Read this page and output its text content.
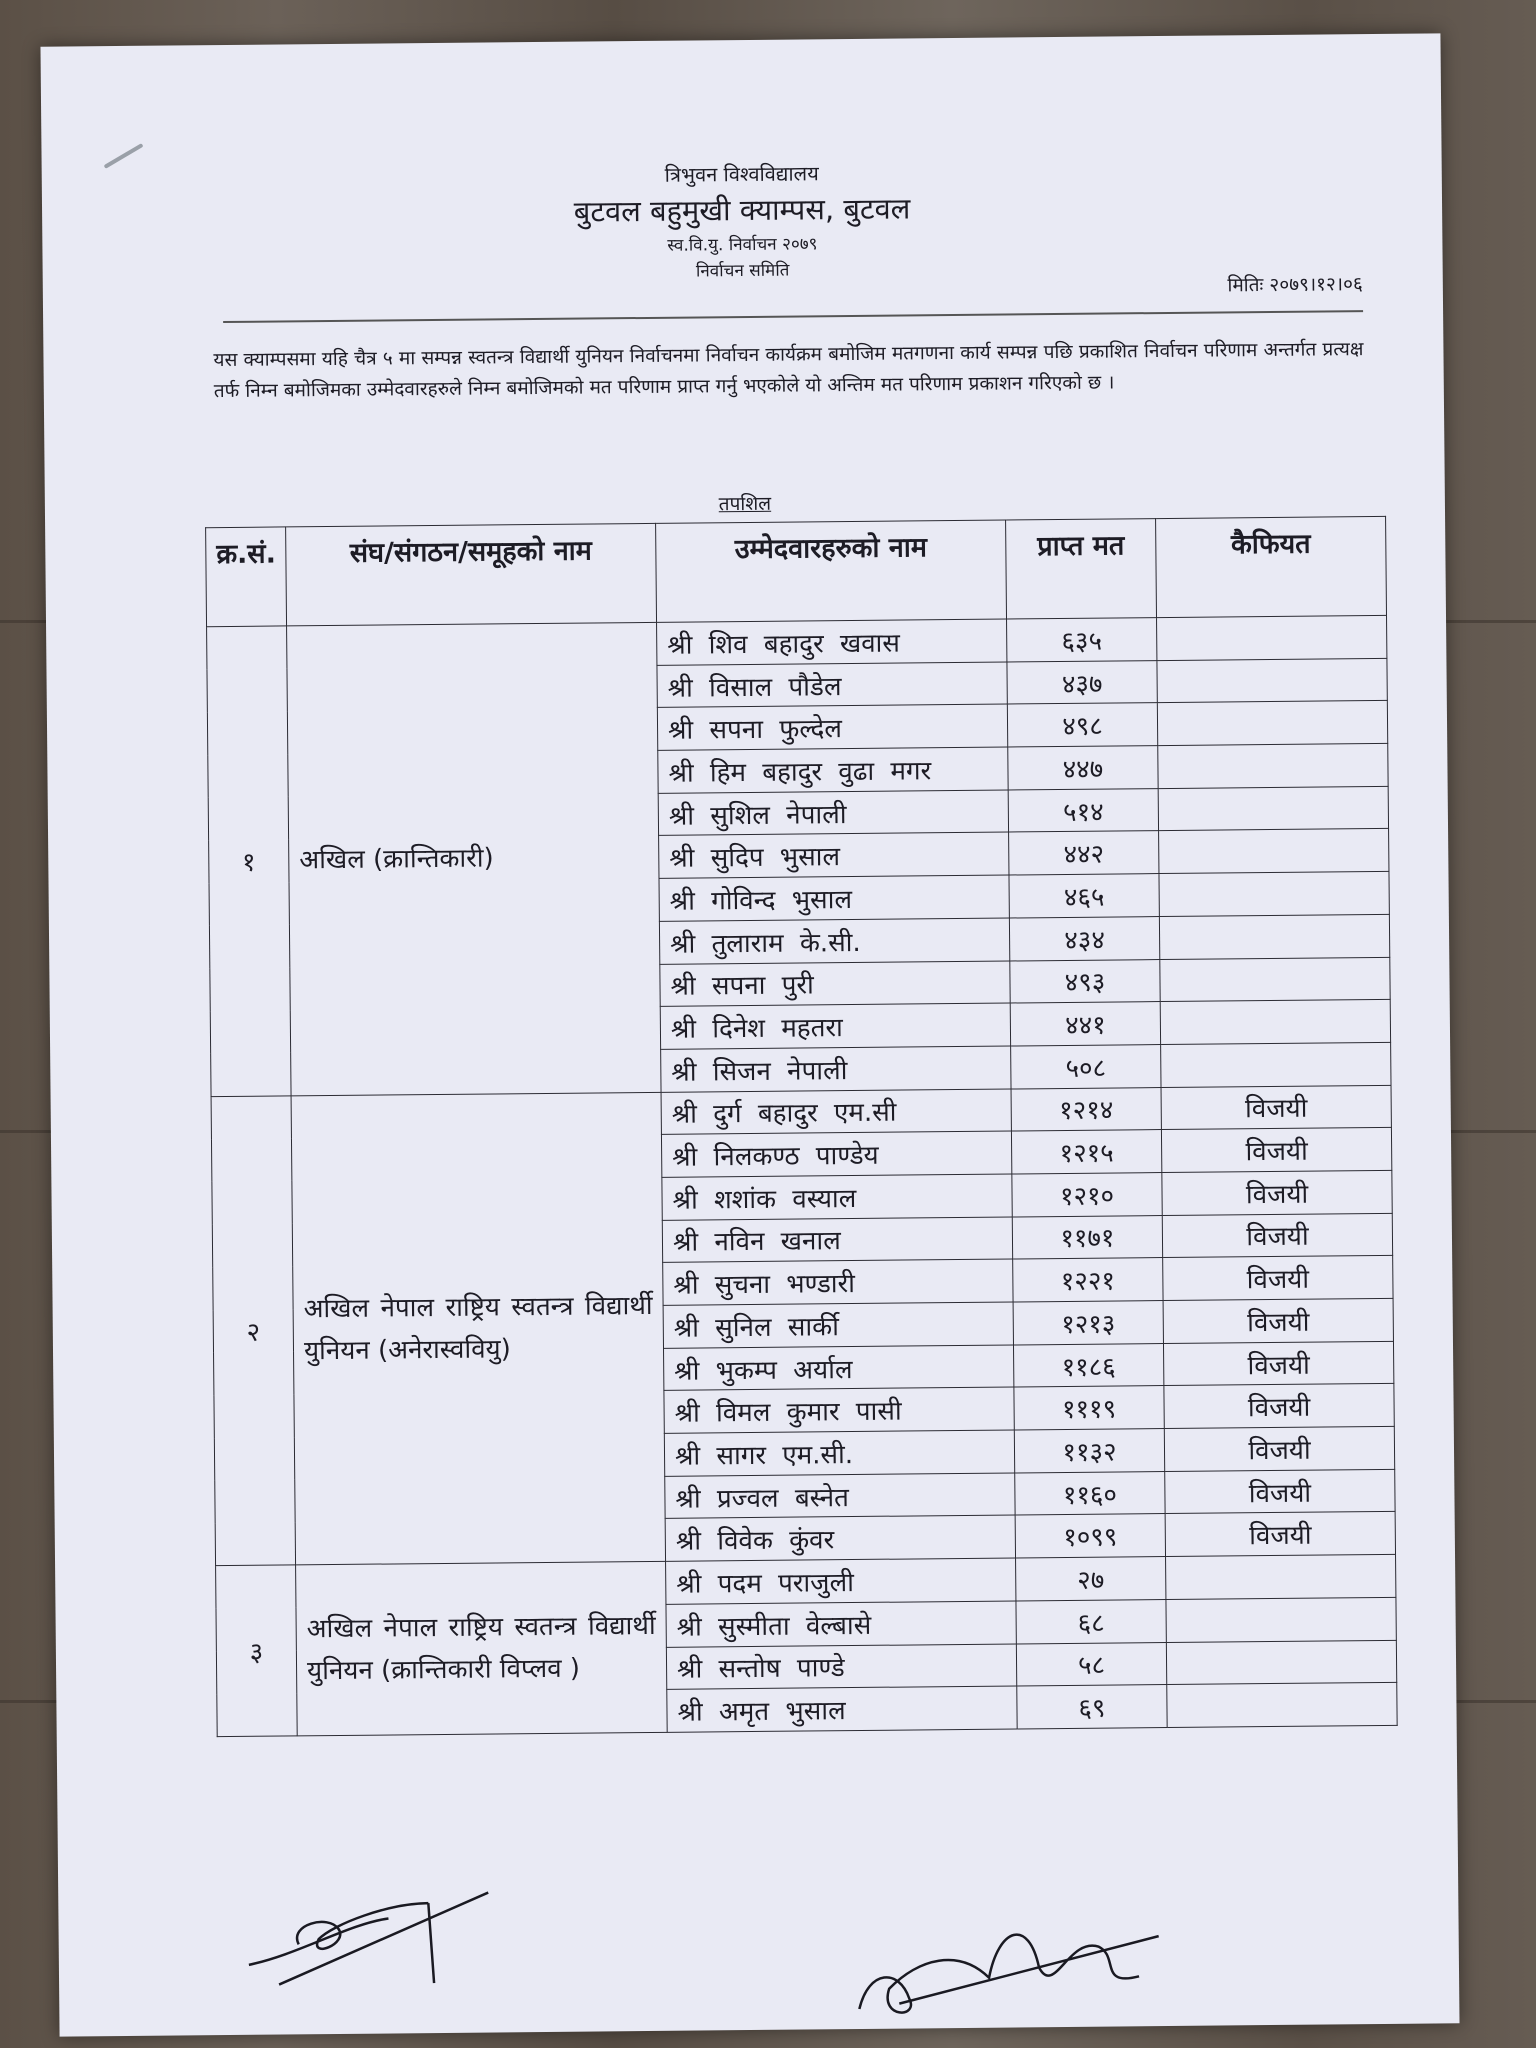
त्रिभुवन विश्वविद्यालय
बुटवल बहुमुखी क्याम्पस, बुटवल
स्व.वि.यु. निर्वाचन २०७९
निर्वाचन समिति
मितिः २०७९।१२।०६
यस क्याम्पसमा यहि चैत्र ५ मा सम्पन्न स्वतन्त्र विद्यार्थी युनियन निर्वाचनमा निर्वाचन कार्यक्रम बमोजिम मतगणना कार्य सम्पन्न पछि प्रकाशित निर्वाचन परिणाम अन्तर्गत प्रत्यक्ष तर्फ निम्न बमोजिमका उम्मेदवारहरुले निम्न बमोजिमको मत परिणाम प्राप्त गर्नु भएकोले यो अन्तिम मत परिणाम प्रकाशन गरिएको छ ।
तपशिल
क्र.सं.	संघ/संगठन/समूहको नाम	उम्मेदवारहरुको नाम	प्राप्त मत	कैफियत
१	अखिल (क्रान्तिकारी)	श्री शिव बहादुर खवास	६३५	
		श्री विसाल पौडेल	४३७	
		श्री सपना फुल्देल	४९८	
		श्री हिम बहादुर वुढा मगर	४४७	
		श्री सुशिल नेपाली	५१४	
		श्री सुदिप भुसाल	४४२	
		श्री गोविन्द भुसाल	४६५	
		श्री तुलाराम के.सी.	४३४	
		श्री सपना पुरी	४९३	
		श्री दिनेश महतरा	४४१	
		श्री सिजन नेपाली	५०८	
२	अखिल नेपाल राष्ट्रिय स्वतन्त्र विद्यार्थी युनियन (अनेरास्ववियु)	श्री दुर्ग बहादुर एम.सी	१२१४	विजयी
		श्री निलकण्ठ पाण्डेय	१२१५	विजयी
		श्री शशांक वस्याल	१२१०	विजयी
		श्री नविन खनाल	११७१	विजयी
		श्री सुचना भण्डारी	१२२१	विजयी
		श्री सुनिल सार्की	१२१३	विजयी
		श्री भुकम्प अर्याल	११८६	विजयी
		श्री विमल कुमार पासी	१११९	विजयी
		श्री सागर एम.सी.	११३२	विजयी
		श्री प्रज्वल बस्नेत	११६०	विजयी
		श्री विवेक कुंवर	१०९९	विजयी
३	अखिल नेपाल राष्ट्रिय स्वतन्त्र विद्यार्थी युनियन (क्रान्तिकारी विप्लव )	श्री पदम पराजुली	२७	
		श्री सुस्मीता वेल्बासे	६८	
		श्री सन्तोष पाण्डे	५८	
		श्री अमृत भुसाल	६९	
